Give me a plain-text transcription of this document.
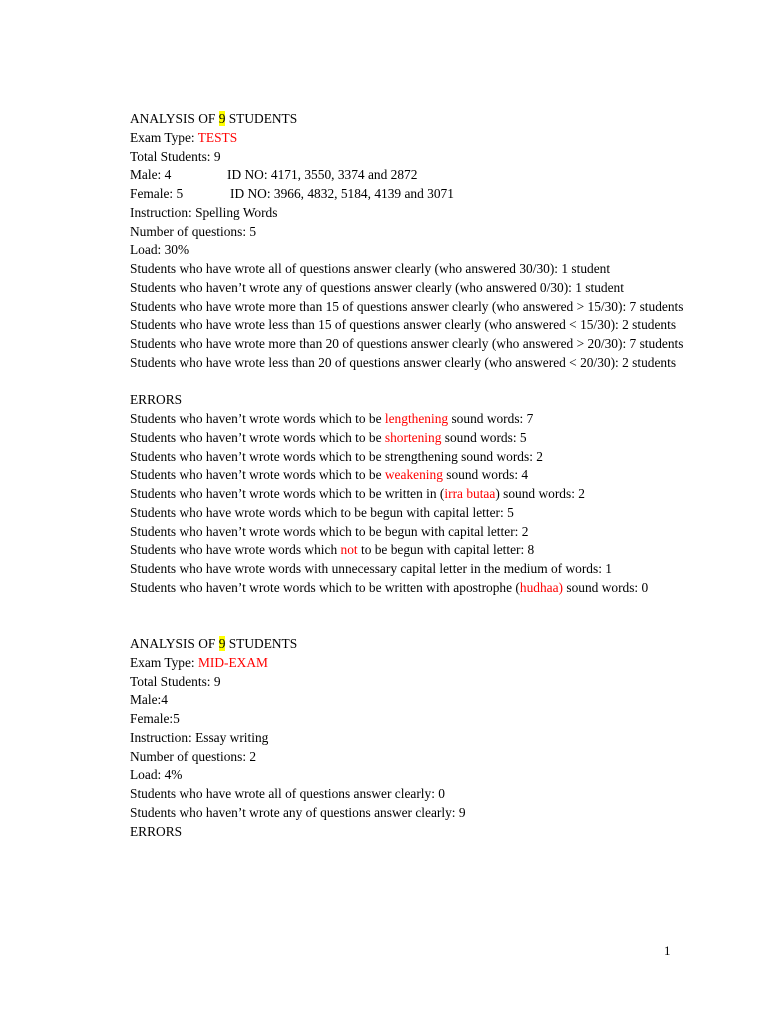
ANALYSIS OF 9 STUDENTS
Exam Type: TESTS
Total Students: 9
Male: 4	ID NO: 4171, 3550, 3374 and 2872
Female: 5	ID NO: 3966, 4832, 5184, 4139 and 3071
Instruction: Spelling Words
Number of questions: 5
Load: 30%
Students who have wrote all of questions answer clearly (who answered 30/30): 1 student
Students who haven’t wrote any of questions answer clearly (who answered 0/30): 1 student
Students who have wrote more than 15 of questions answer clearly (who answered > 15/30): 7 students
Students who have wrote less than 15 of questions answer clearly (who answered < 15/30): 2 students
Students who have wrote more than 20 of questions answer clearly (who answered > 20/30): 7 students
Students who have wrote less than 20 of questions answer clearly (who answered < 20/30): 2 students
ERRORS
Students who haven’t wrote words which to be lengthening sound words: 7
Students who haven’t wrote words which to be shortening sound words: 5
Students who haven’t wrote words which to be strengthening sound words: 2
Students who haven’t wrote words which to be weakening sound words: 4
Students who haven’t wrote words which to be written in (irra butaa) sound words: 2
Students who have wrote words which to be begun with capital letter: 5
Students who haven’t wrote words which to be begun with capital letter: 2
Students who have wrote words which not to be begun with capital letter: 8
Students who have wrote words with unnecessary capital letter in the medium of words: 1
Students who haven’t wrote words which to be written with apostrophe (hudhaa) sound words: 0
ANALYSIS OF 9 STUDENTS
Exam Type: MID-EXAM
Total Students: 9
Male:4
Female:5
Instruction: Essay writing
Number of questions: 2
Load: 4%
Students who have wrote all of questions answer clearly: 0
Students who haven’t wrote any of questions answer clearly: 9
ERRORS
1
